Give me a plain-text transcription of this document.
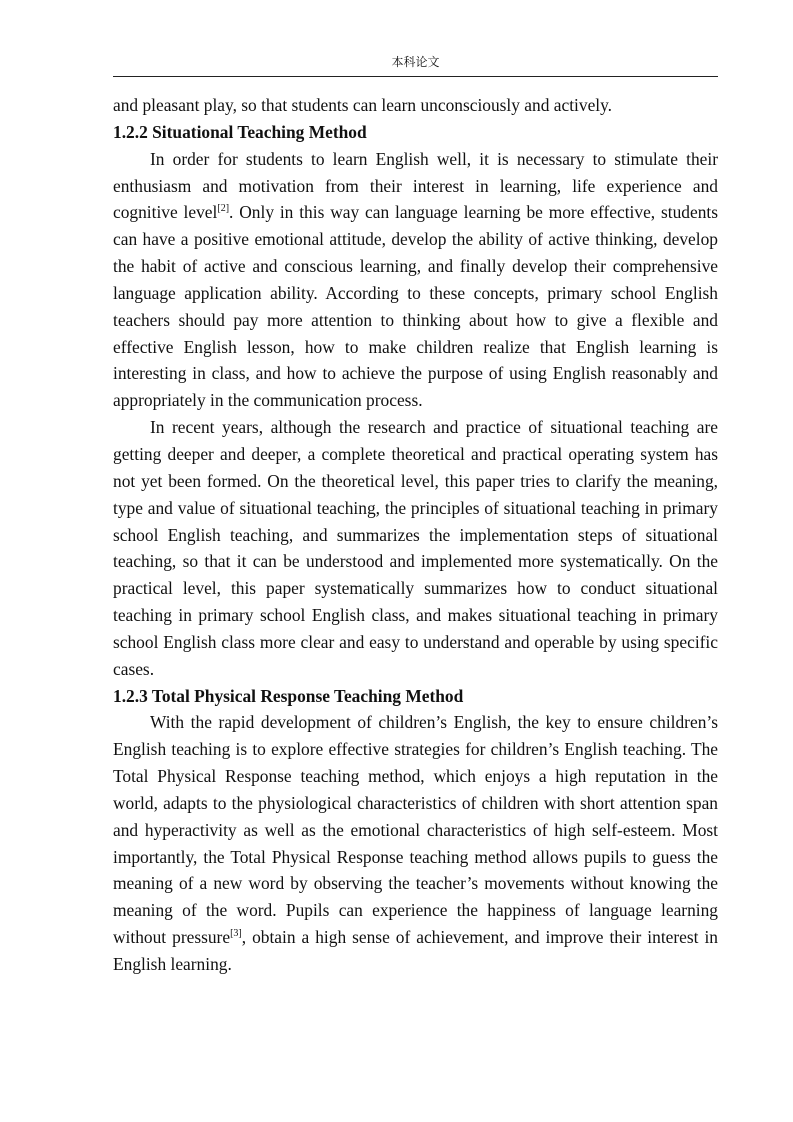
本科论文

and pleasant play, so that students can learn unconsciously and actively.

1.2.2 Situational Teaching Method

In order for students to learn English well, it is necessary to stimulate their enthusiasm and motivation from their interest in learning, life experience and cognitive level[2]. Only in this way can language learning be more effective, students can have a positive emotional attitude, develop the ability of active thinking, develop the habit of active and conscious learning, and finally develop their comprehensive language application ability. According to these concepts, primary school English teachers should pay more attention to thinking about how to give a flexible and effective English lesson, how to make children realize that English learning is interesting in class, and how to achieve the purpose of using English reasonably and appropriately in the communication process.

In recent years, although the research and practice of situational teaching are getting deeper and deeper, a complete theoretical and practical operating system has not yet been formed. On the theoretical level, this paper tries to clarify the meaning, type and value of situational teaching, the principles of situational teaching in primary school English teaching, and summarizes the implementation steps of situational teaching, so that it can be understood and implemented more systematically. On the practical level, this paper systematically summarizes how to conduct situational teaching in primary school English class, and makes situational teaching in primary school English class more clear and easy to understand and operable by using specific cases.

1.2.3 Total Physical Response Teaching Method

With the rapid development of children’s English, the key to ensure children’s English teaching is to explore effective strategies for children’s English teaching. The Total Physical Response teaching method, which enjoys a high reputation in the world, adapts to the physiological characteristics of children with short attention span and hyperactivity as well as the emotional characteristics of high self-esteem. Most importantly, the Total Physical Response teaching method allows pupils to guess the meaning of a new word by observing the teacher’s movements without knowing the meaning of the word. Pupils can experience the happiness of language learning without pressure[3], obtain a high sense of achievement, and improve their interest in English learning.
